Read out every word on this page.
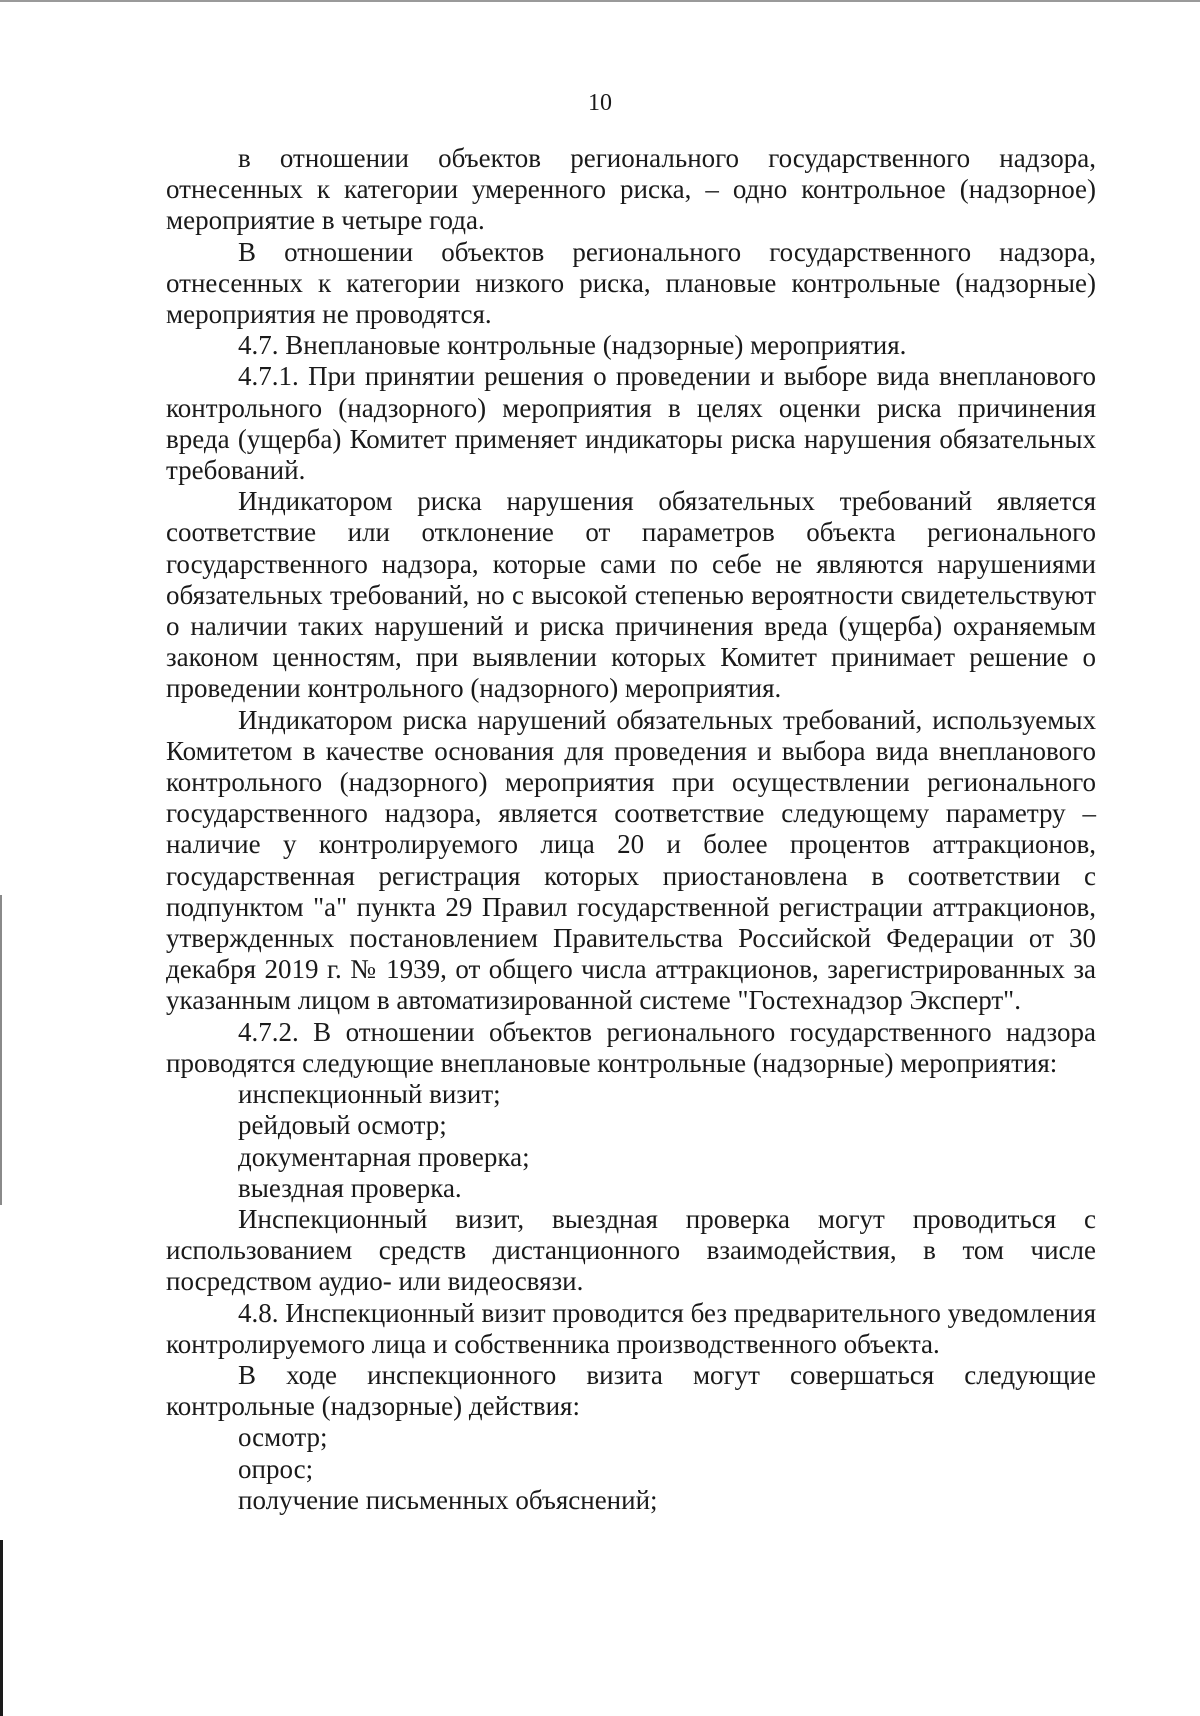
10

в отношении объектов регионального государственного надзора, отнесенных к категории умеренного риска, – одно контрольное (надзорное) мероприятие в четыре года.

В отношении объектов регионального государственного надзора, отнесенных к категории низкого риска, плановые контрольные (надзорные) мероприятия не проводятся.

4.7. Внеплановые контрольные (надзорные) мероприятия.

4.7.1. При принятии решения о проведении и выборе вида внепланового контрольного (надзорного) мероприятия в целях оценки риска причинения вреда (ущерба) Комитет применяет индикаторы риска нарушения обязательных требований.

Индикатором риска нарушения обязательных требований является соответствие или отклонение от параметров объекта регионального государственного надзора, которые сами по себе не являются нарушениями обязательных требований, но с высокой степенью вероятности свидетельствуют о наличии таких нарушений и риска причинения вреда (ущерба) охраняемым законом ценностям, при выявлении которых Комитет принимает решение о проведении контрольного (надзорного) мероприятия.

Индикатором риска нарушений обязательных требований, используемых Комитетом в качестве основания для проведения и выбора вида внепланового контрольного (надзорного) мероприятия при осуществлении регионального государственного надзора, является соответствие следующему параметру – наличие у контролируемого лица 20 и более процентов аттракционов, государственная регистрация которых приостановлена в соответствии с подпунктом "а" пункта 29 Правил государственной регистрации аттракционов, утвержденных постановлением Правительства Российской Федерации от 30 декабря 2019 г. № 1939, от общего числа аттракционов, зарегистрированных за указанным лицом в автоматизированной системе "Гостехнадзор Эксперт".

4.7.2. В отношении объектов регионального государственного надзора проводятся следующие внеплановые контрольные (надзорные) мероприятия:

инспекционный визит;

рейдовый осмотр;

документарная проверка;

выездная проверка.

Инспекционный визит, выездная проверка могут проводиться с использованием средств дистанционного взаимодействия, в том числе посредством аудио- или видеосвязи.

4.8. Инспекционный визит проводится без предварительного уведомления контролируемого лица и собственника производственного объекта.

В ходе инспекционного визита могут совершаться следующие контрольные (надзорные) действия:

осмотр;

опрос;

получение письменных объяснений;
